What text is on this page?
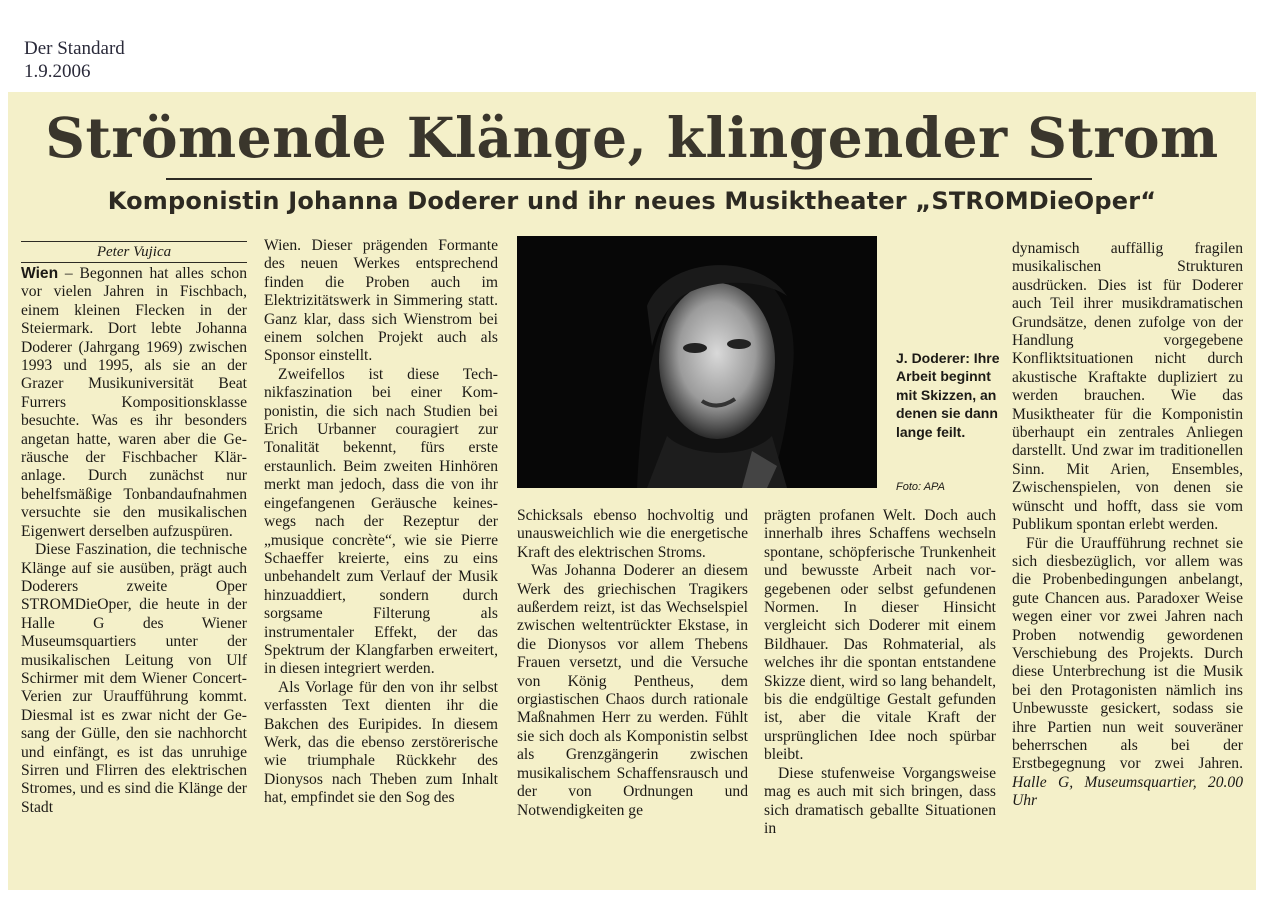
Der Standard
1.9.2006
Strömende Klänge, klingender Strom
Komponistin Johanna Doderer und ihr neues Musiktheater „STROMDieOper“
Peter Vujica

Wien – Begonnen hat alles schon vor vielen Jahren in Fischbach, einem kleinen Flecken in der Steiermark. Dort lebte Johanna Doderer (Jahrgang 1969) zwischen 1993 und 1995, als sie an der Grazer Musikuniversität Beat Furrers Kompositionsklasse besuchte. Was es ihr besonders angetan hatte, waren aber die Geräusche der Fischbacher Kläranlage. Durch zunächst nur behelfsmäßige Tonbandaufnahmen versuchte sie den musikalischen Eigenwert derselben aufzuspüren.

Diese Faszination, die technische Klänge auf sie ausüben, prägt auch Doderers zweite Oper STROMDieOper, die heute in der Halle G des Wiener Museumsquartiers unter der musikalischen Leitung von Ulf Schirmer mit dem Wiener Concert-Verien zur Uraufführung kommt. Diesmal ist es zwar nicht der Gesang der Gülle, den sie nachhorcht und einfängt, es ist das unruhige Sirren und Flirren des elektrischen Stromes, und es sind die Klänge der Stadt

Wien. Dieser prägenden Formante des neuen Werkes entsprechend finden die Proben auch im Elektrizitätswerk in Simmering statt. Ganz klar, dass sich Wienstrom bei einem solchen Projekt auch als Sponsor einstellt.

Zweifellos ist diese Technikfaszination bei einer Komponistin, die sich nach Studien bei Erich Urbanner courаgiert zur Tonalität bekennt, fürs erste erstaunlich. Beim zweiten Hinhören merkt man jedoch, dass die von ihr eingefangenen Geräusche keineswegs nach der Rezeptur der „musique concrète“, wie sie Pierre Schaeffer kreierte, eins zu eins unbehandelt zum Verlauf der Musik hinzuaddiert, sondern durch sorgsame Filterung als instrumentaler Effekt, der das Spektrum der Klangfarben erweitert, in diesen integriert werden.

Als Vorlage für den von ihr selbst verfassten Text dienten ihr die Bakchen des Euripides. In diesem Werk, das die ebenso zerstörerische wie triumphale Rückkehr des Dionysos nach Theben zum Inhalt hat, empfindet sie den Sog des

J. Doderer: Ihre Arbeit beginnt mit Skizzen, an denen sie dann lange feilt.
Foto: APA

Schicksals ebenso hochvoltig und unausweichlich wie die energetische Kraft des elektrischen Stroms.

Was Johanna Doderer an diesem Werk des griechischen Tragikers außerdem reizt, ist das Wechselspiel zwischen weltentrückter Ekstase, in die Dionysos vor allem Thebens Frauen versetzt, und die Versuche von König Pentheus, dem orgiastischen Chaos durch rationale Maßnahmen Herr zu werden. Fühlt sie sich doch als Komponistin selbst als Grenzgängerin zwischen musikalischem Schaffensrausch und der von Ordnungen und Notwendigkeiten ge

prägten profanen Welt. Doch auch innerhalb ihres Schaffens wechseln spontane, schöpferische Trunkenheit und bewusste Arbeit nach vorgegebenen oder selbst gefundenen Normen. In dieser Hinsicht vergleicht sich Doderer mit einem Bildhauer. Das Rohmaterial, als welches ihr die spontan entstandene Skizze dient, wird so lang behandelt, bis die endgültige Gestalt gefunden ist, aber die vitale Kraft der ursprünglichen Idee noch spürbar bleibt.

Diese stufenweise Vorgangsweise mag es auch mit sich bringen, dass sich dramatisch geballte Situationen in

dynamisch auffällig fragilen musikalischen Strukturen ausdrücken. Dies ist für Doderer auch Teil ihrer musikdramatischen Grundsätze, denen zufolge von der Handlung vorgegebene Konfliktsituationen nicht durch akustische Kraftakte dupliziert zu werden brauchen. Wie das Musiktheater für die Komponistin überhaupt ein zentrales Anliegen darstellt. Und zwar im traditionellen Sinn. Mit Arien, Ensembles, Zwischenspielen, von denen sie wünscht und hofft, dass sie vom Publikum spontan erlebt werden.

Für die Uraufführung rechnet sie sich diesbezüglich, vor allem was die Probenbedingungen anbelangt, gute Chancen aus. Paradoxer Weise wegen einer vor zwei Jahren nach Proben notwendig gewordenen Verschiebung des Projekts. Durch diese Unterbrechung ist die Musik bei den Protagonisten nämlich ins Unbewusste gesickert, sodass sie ihre Partien nun weit souveräner beherrschen als bei der Erstbegegnung vor zwei Jahren. Halle G, Museumsquartier, 20.00 Uhr
